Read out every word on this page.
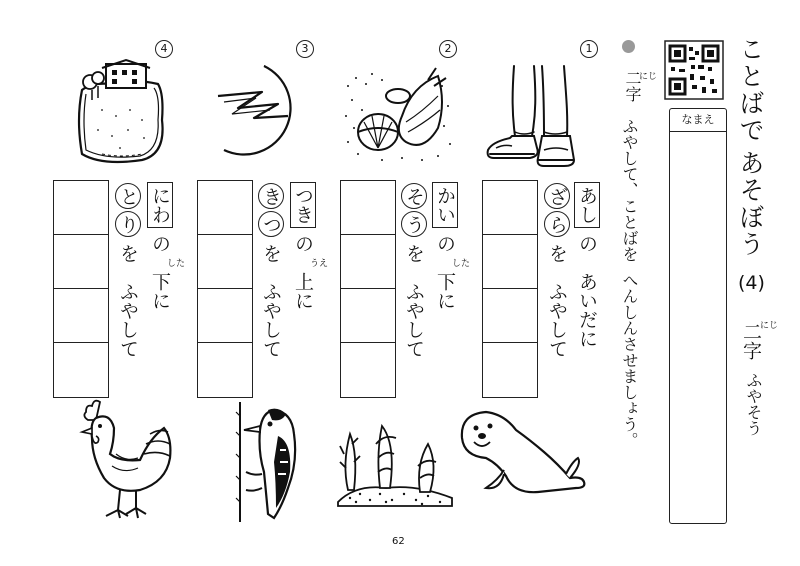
ことばで
あそぼう
(4)
二字
にじ
ふやそう
なまえ
二字
にじ
ふやして、ことばを
へんしんさせましょう。
1
2
3
4
あしの
あいだに
ざら
を　ふやして
かいの
下に
した
そう
を　ふやして
つきの
上に
うえ
きつ
を　ふやして
にわの
下に
した
とり
を　ふやして
62
